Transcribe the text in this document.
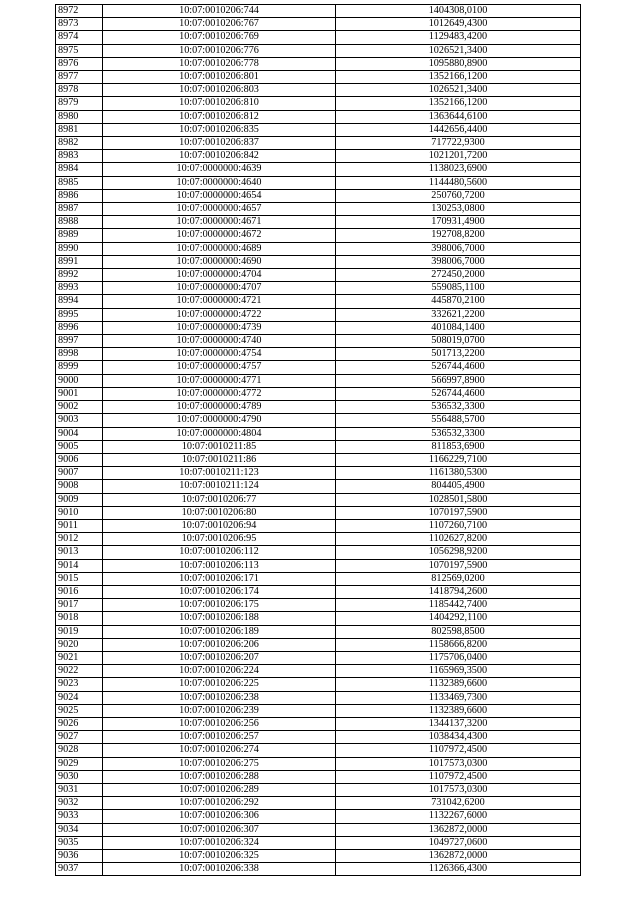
8972	10:07:0010206:744	1404308,0100
8973	10:07:0010206:767	1012649,4300
8974	10:07:0010206:769	1129483,4200
8975	10:07:0010206:776	1026521,3400
8976	10:07:0010206:778	1095880,8900
8977	10:07:0010206:801	1352166,1200
8978	10:07:0010206:803	1026521,3400
8979	10:07:0010206:810	1352166,1200
8980	10:07:0010206:812	1363644,6100
8981	10:07:0010206:835	1442656,4400
8982	10:07:0010206:837	717722,9300
8983	10:07:0010206:842	1021201,7200
8984	10:07:0000000:4639	1138023,6900
8985	10:07:0000000:4640	1144480,5600
8986	10:07:0000000:4654	250760,7200
8987	10:07:0000000:4657	130253,0800
8988	10:07:0000000:4671	170931,4900
8989	10:07:0000000:4672	192708,8200
8990	10:07:0000000:4689	398006,7000
8991	10:07:0000000:4690	398006,7000
8992	10:07:0000000:4704	272450,2000
8993	10:07:0000000:4707	559085,1100
8994	10:07:0000000:4721	445870,2100
8995	10:07:0000000:4722	332621,2200
8996	10:07:0000000:4739	401084,1400
8997	10:07:0000000:4740	508019,0700
8998	10:07:0000000:4754	501713,2200
8999	10:07:0000000:4757	526744,4600
9000	10:07:0000000:4771	566997,8900
9001	10:07:0000000:4772	526744,4600
9002	10:07:0000000:4789	536532,3300
9003	10:07:0000000:4790	556488,5700
9004	10:07:0000000:4804	536532,3300
9005	10:07:0010211:85	811853,6900
9006	10:07:0010211:86	1166229,7100
9007	10:07:0010211:123	1161380,5300
9008	10:07:0010211:124	804405,4900
9009	10:07:0010206:77	1028501,5800
9010	10:07:0010206:80	1070197,5900
9011	10:07:0010206:94	1107260,7100
9012	10:07:0010206:95	1102627,8200
9013	10:07:0010206:112	1056298,9200
9014	10:07:0010206:113	1070197,5900
9015	10:07:0010206:171	812569,0200
9016	10:07:0010206:174	1418794,2600
9017	10:07:0010206:175	1185442,7400
9018	10:07:0010206:188	1404292,1100
9019	10:07:0010206:189	802598,8500
9020	10:07:0010206:206	1158666,8200
9021	10:07:0010206:207	1175706,0400
9022	10:07:0010206:224	1165969,3500
9023	10:07:0010206:225	1132389,6600
9024	10:07:0010206:238	1133469,7300
9025	10:07:0010206:239	1132389,6600
9026	10:07:0010206:256	1344137,3200
9027	10:07:0010206:257	1038434,4300
9028	10:07:0010206:274	1107972,4500
9029	10:07:0010206:275	1017573,0300
9030	10:07:0010206:288	1107972,4500
9031	10:07:0010206:289	1017573,0300
9032	10:07:0010206:292	731042,6200
9033	10:07:0010206:306	1132267,6000
9034	10:07:0010206:307	1362872,0000
9035	10:07:0010206:324	1049727,0600
9036	10:07:0010206:325	1362872,0000
9037	10:07:0010206:338	1126366,4300
